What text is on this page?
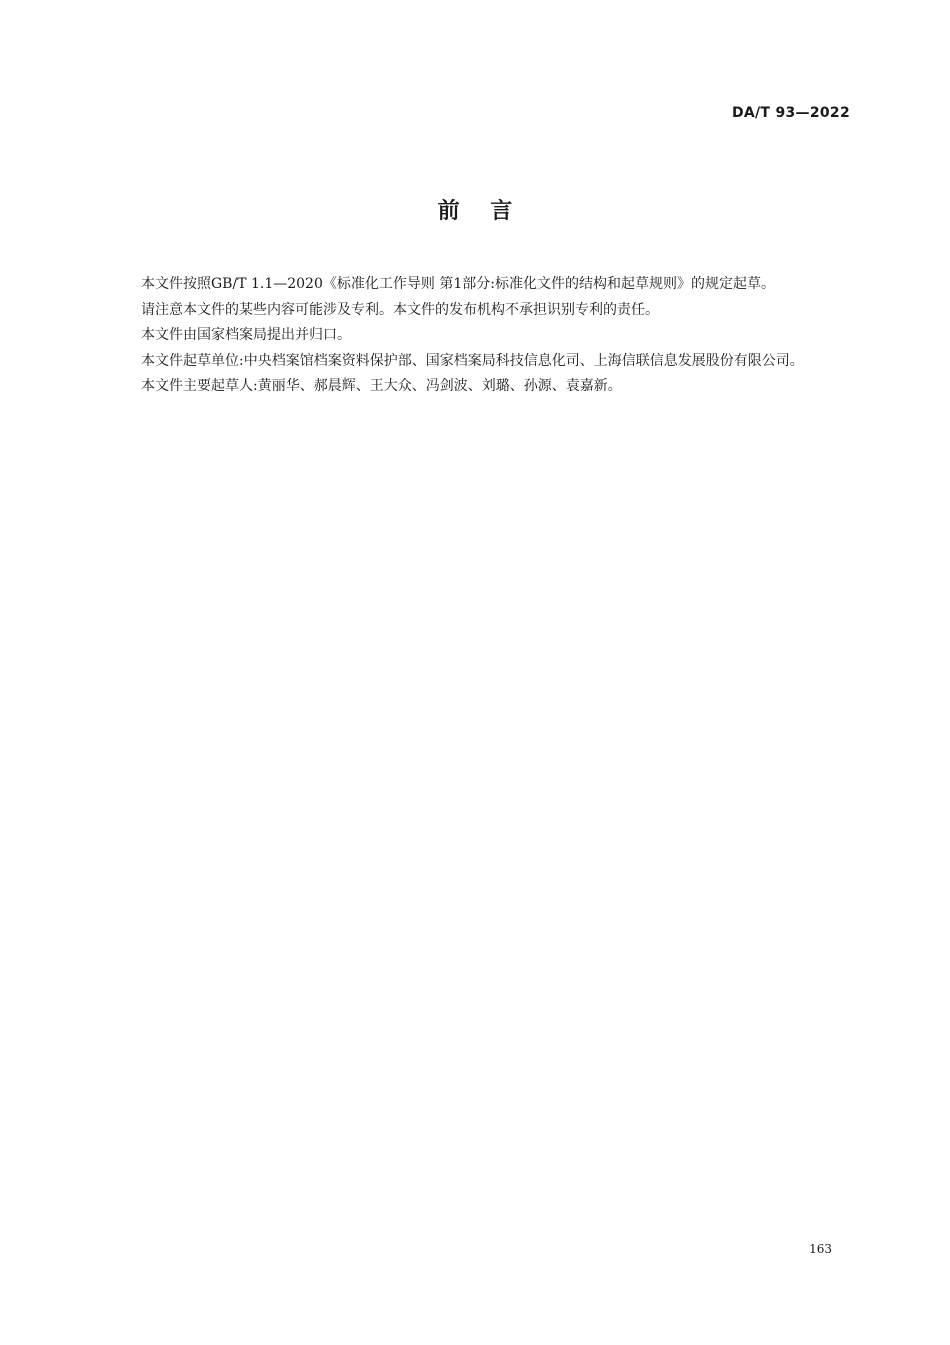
DA/T 93—2022
前    言

本文件按照GB/T 1.1—2020《标准化工作导则 第1部分:标准化文件的结构和起草规则》的规定起草。

请注意本文件的某些内容可能涉及专利。本文件的发布机构不承担识别专利的责任。

本文件由国家档案局提出并归口。

本文件起草单位:中央档案馆档案资料保护部、国家档案局科技信息化司、上海信联信息发展股份有限公司。

本文件主要起草人:黄丽华、郝晨辉、王大众、冯剑波、刘璐、孙源、袁嘉新。

163
